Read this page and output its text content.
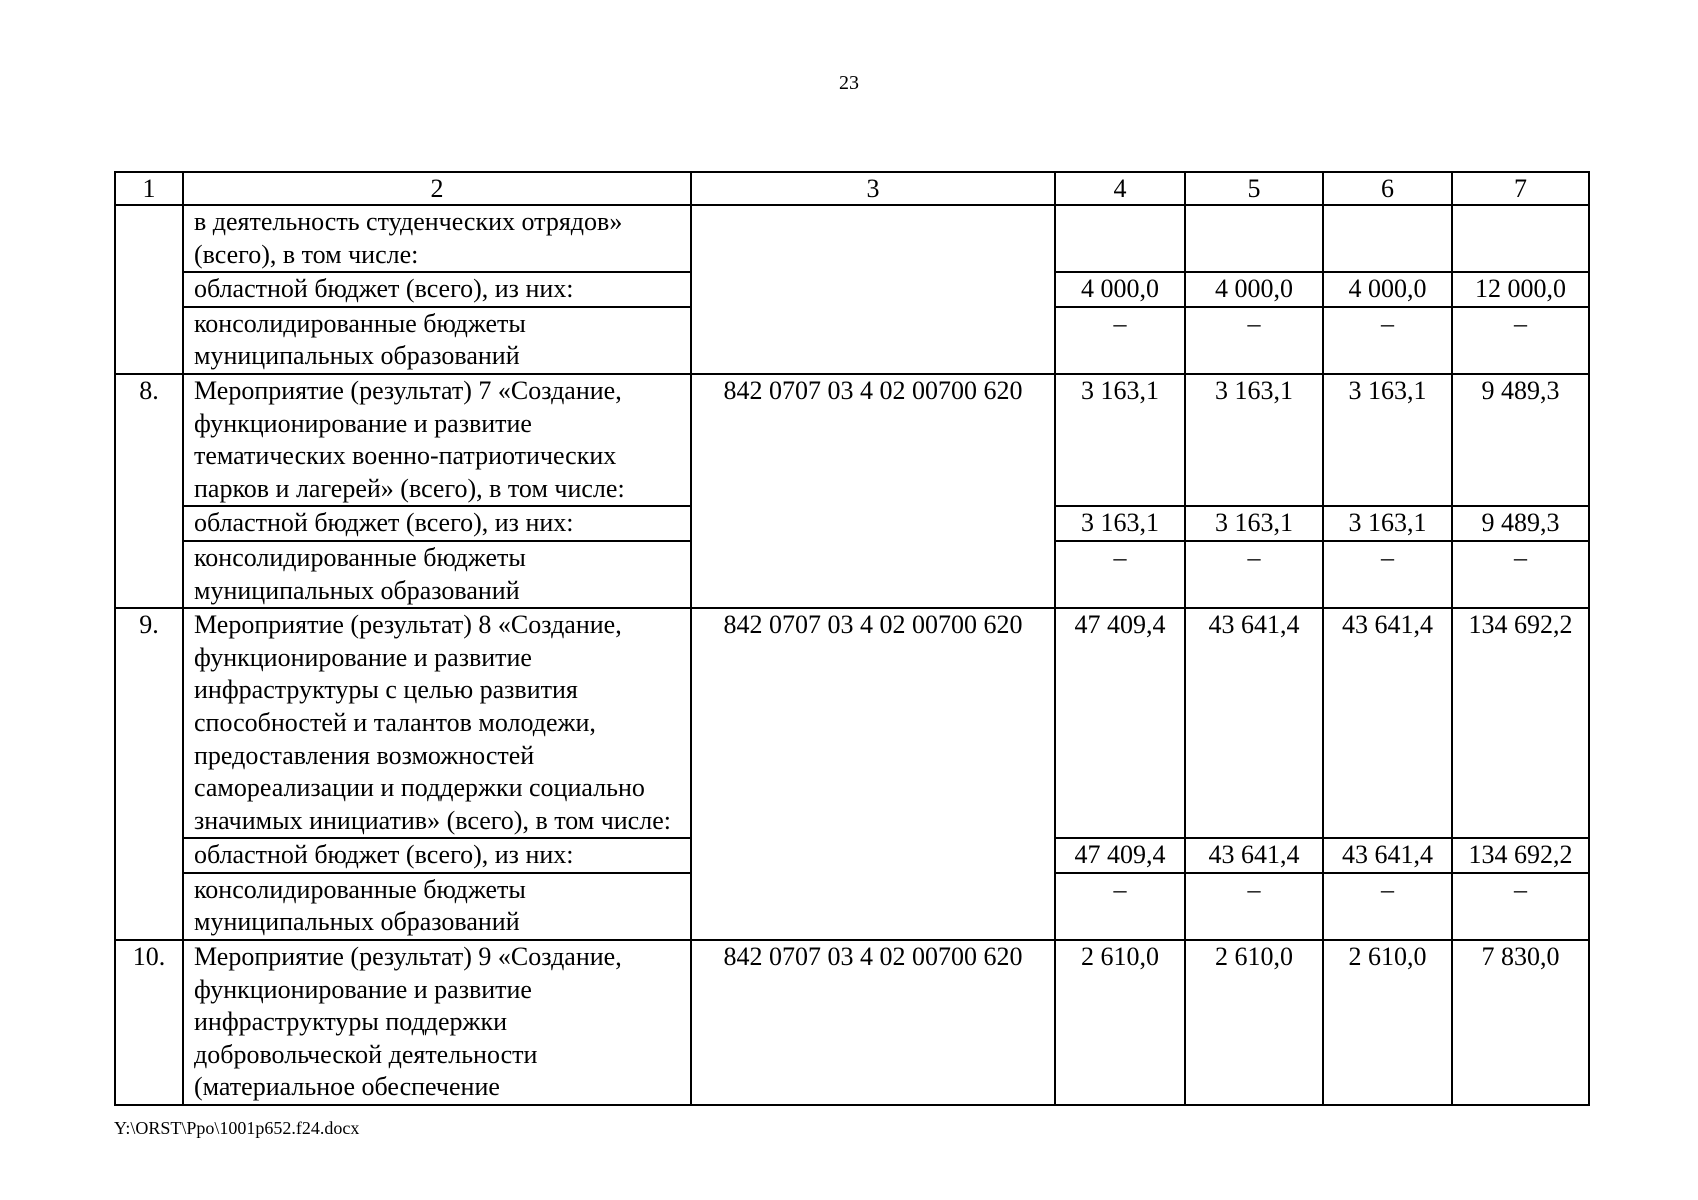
23
1	2	3	4	5	6	7
	в деятельность студенческих отрядов» (всего), в том числе:					
	областной бюджет (всего), из них:		4 000,0	4 000,0	4 000,0	12 000,0
	консолидированные бюджеты муниципальных образований		–	–	–	–
8.	Мероприятие (результат) 7 «Создание, функционирование и развитие тематических военно-патриотических парков и лагерей» (всего), в том числе:	842 0707 03 4 02 00700 620	3 163,1	3 163,1	3 163,1	9 489,3
	областной бюджет (всего), из них:		3 163,1	3 163,1	3 163,1	9 489,3
	консолидированные бюджеты муниципальных образований		–	–	–	–
9.	Мероприятие (результат) 8 «Создание, функционирование и развитие инфраструктуры с целью развития способностей и талантов молодежи, предоставления возможностей самореализации и поддержки социально значимых инициатив» (всего), в том числе:	842 0707 03 4 02 00700 620	47 409,4	43 641,4	43 641,4	134 692,2
	областной бюджет (всего), из них:		47 409,4	43 641,4	43 641,4	134 692,2
	консолидированные бюджеты муниципальных образований		–	–	–	–
10.	Мероприятие (результат) 9 «Создание, функционирование и развитие инфраструктуры поддержки добровольческой деятельности (материальное обеспечение	842 0707 03 4 02 00700 620	2 610,0	2 610,0	2 610,0	7 830,0
Y:\ORST\Ppo\1001p652.f24.docx
